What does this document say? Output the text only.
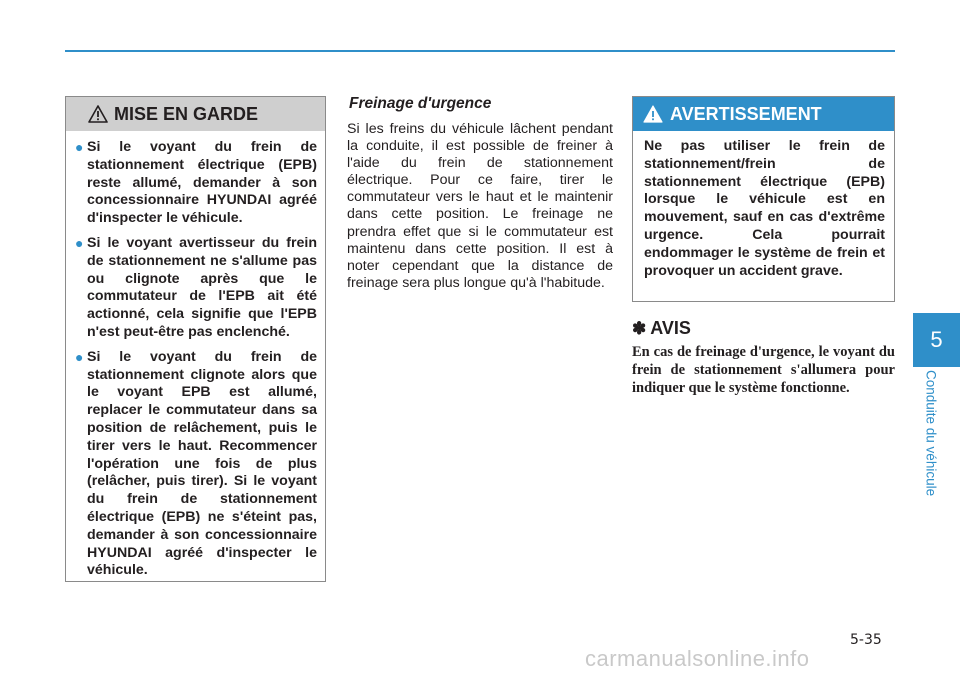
MISE EN GARDE
● Si le voyant du frein de stationnement électrique (EPB) reste allumé, demander à son concessionnaire HYUNDAI agréé d'inspecter le véhicule.
● Si le voyant avertisseur du frein de stationnement ne s'allume pas ou clignote après que le commutateur de l'EPB ait été actionné, cela signifie que l'EPB n'est peut-être pas enclenché.
● Si le voyant du frein de stationnement clignote alors que le voyant EPB est allumé, replacer le commutateur dans sa position de relâchement, puis le tirer vers le haut. Recommencer l'opération une fois de plus (relâcher, puis tirer). Si le voyant du frein de stationnement électrique (EPB) ne s'éteint pas, demander à son concessionnaire HYUNDAI agréé d'inspecter le véhicule.
Freinage d'urgence

Si les freins du véhicule lâchent pendant la conduite, il est possible de freiner à l'aide du frein de stationnement électrique. Pour ce faire, tirer le commutateur vers le haut et le maintenir dans cette position. Le freinage ne prendra effet que si le commutateur est maintenu dans cette position. Il est à noter cependant que la distance de freinage sera plus longue qu'à l'habitude.

AVERTISSEMENT

Ne pas utiliser le frein de stationnement/frein de stationnement électrique (EPB) lorsque le véhicule est en mouvement, sauf en cas d'extrême urgence. Cela pourrait endommager le système de frein et provoquer un accident grave.

✽ AVIS

En cas de freinage d'urgence, le voyant du frein de stationnement s'allumera pour indiquer que le système fonctionne.

5
Conduite du véhicule
5-35
carmanualsonline.info
